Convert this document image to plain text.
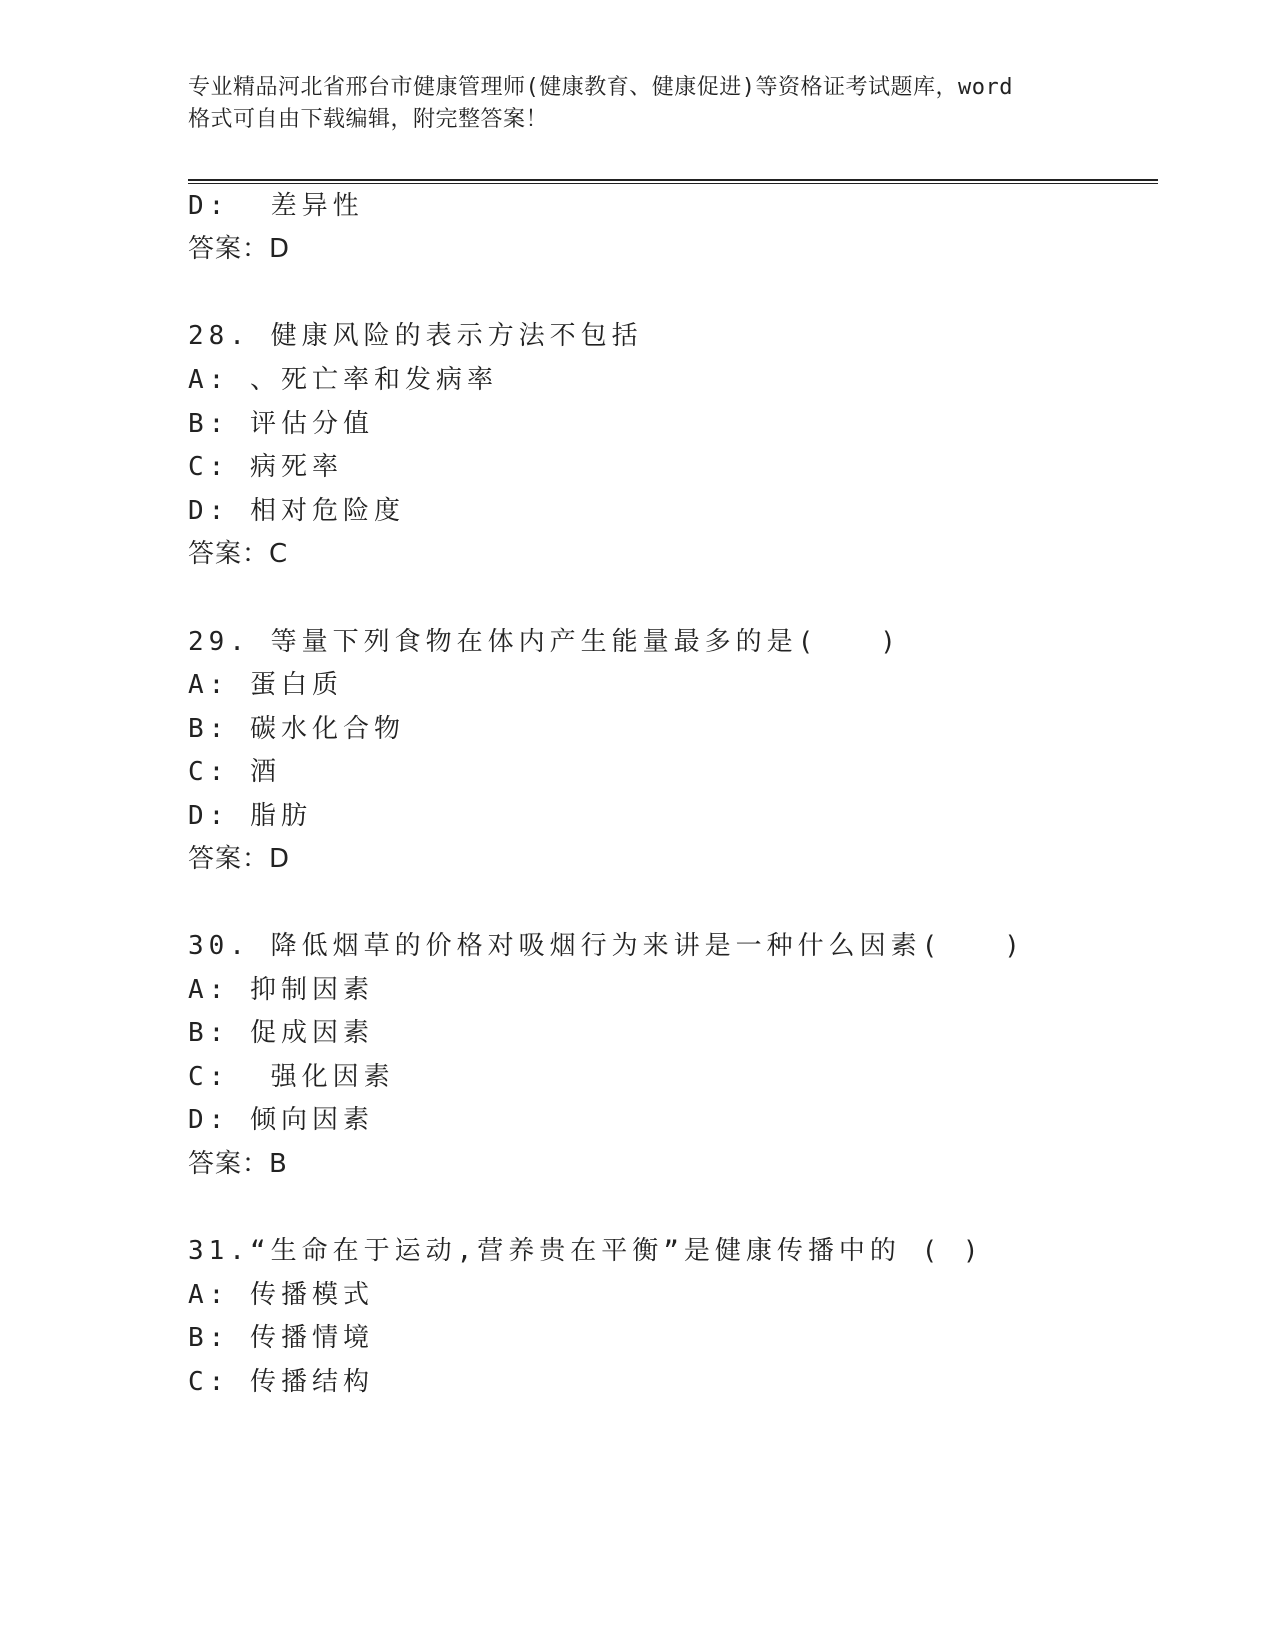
专业精品河北省邢台市健康管理师(健康教育、健康促进)等资格证考试题库，word
格式可自由下载编辑，附完整答案！
D:  差异性
答案：D
28. 健康风险的表示方法不包括
A: 、死亡率和发病率
B: 评估分值
C: 病死率
D: 相对危险度
答案：C
29. 等量下列食物在体内产生能量最多的是(　　)
A: 蛋白质
B: 碳水化合物
C: 酒
D: 脂肪
答案：D
30. 降低烟草的价格对吸烟行为来讲是一种什么因素(　　)
A: 抑制因素
B: 促成因素
C:  强化因素
D: 倾向因素
答案：B
31.“生命在于运动,营养贵在平衡”是健康传播中的 ( )
A: 传播模式
B: 传播情境
C: 传播结构
